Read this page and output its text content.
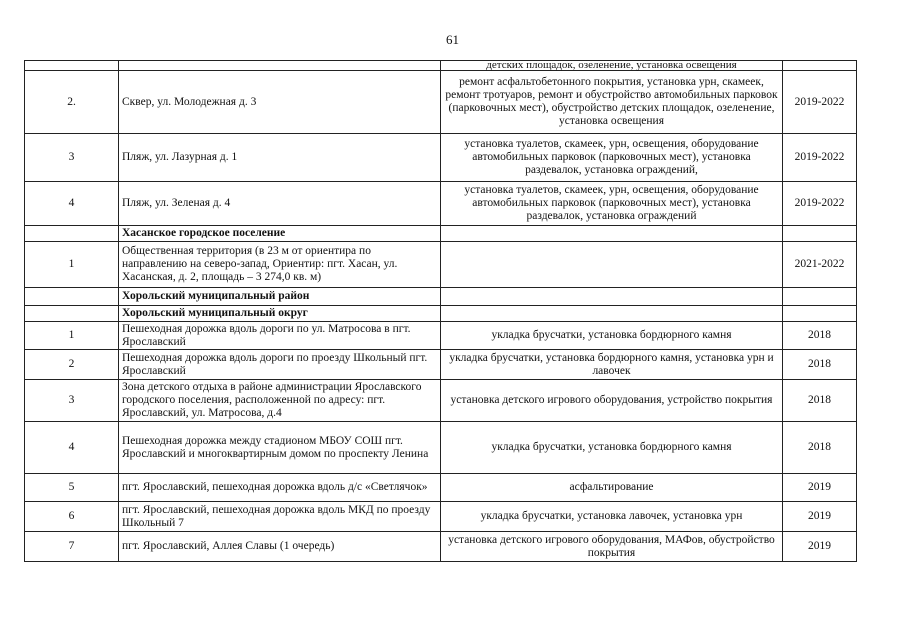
61
		детских площадок, озеленение, установка освещения	
2.	Сквер, ул. Молодежная д. 3	ремонт асфальтобетонного покрытия, установка урн, скамеек, ремонт тротуаров, ремонт и обустройство автомобильных парковок (парковочных мест), обустройство детских площадок, озеленение, установка освещения	2019-2022
3	Пляж, ул. Лазурная д. 1	установка туалетов, скамеек, урн, освещения, оборудование автомобильных парковок (парковочных мест), установка раздевалок, установка ограждений,	2019-2022
4	Пляж, ул. Зеленая д. 4	установка туалетов, скамеек, урн, освещения, оборудование автомобильных парковок (парковочных мест), установка раздевалок, установка ограждений	2019-2022
	Хасанское городское поселение		
1	Общественная территория (в 23 м от ориентира по направлению на северо-запад, Ориентир: пгт. Хасан, ул. Хасанская, д. 2, площадь – 3 274,0 кв. м)		2021-2022
	Хорольский муниципальный район	

	Хорольский муниципальный округ		
1	Пешеходная дорожка вдоль дороги по ул. Матросова в пгт. Ярославский	укладка брусчатки, установка бордюрного камня	2018
2	Пешеходная дорожка вдоль дороги по проезду Школьный пгт. Ярославский	укладка брусчатки, установка бордюрного камня, установка урн и лавочек	2018
3	Зона детского отдыха в районе администрации Ярославского городского поселения, расположенной по адресу: пгт. Ярославский, ул. Матросова, д.4	установка детского игрового оборудования, устройство покрытия	2018
4	Пешеходная дорожка между стадионом МБОУ СОШ пгт. Ярославский и многоквартирным домом по проспекту Ленина	укладка брусчатки, установка бордюрного камня	2018
5	пгт. Ярославский, пешеходная дорожка вдоль д/с «Светлячок»	асфальтирование	2019
6	пгт. Ярославский, пешеходная дорожка вдоль МКД по проезду Школьный 7	укладка брусчатки, установка лавочек, установка урн	2019
7	пгт. Ярославский, Аллея Славы (1 очередь)	установка детского игрового оборудования, МАФов, обустройство покрытия	2019
